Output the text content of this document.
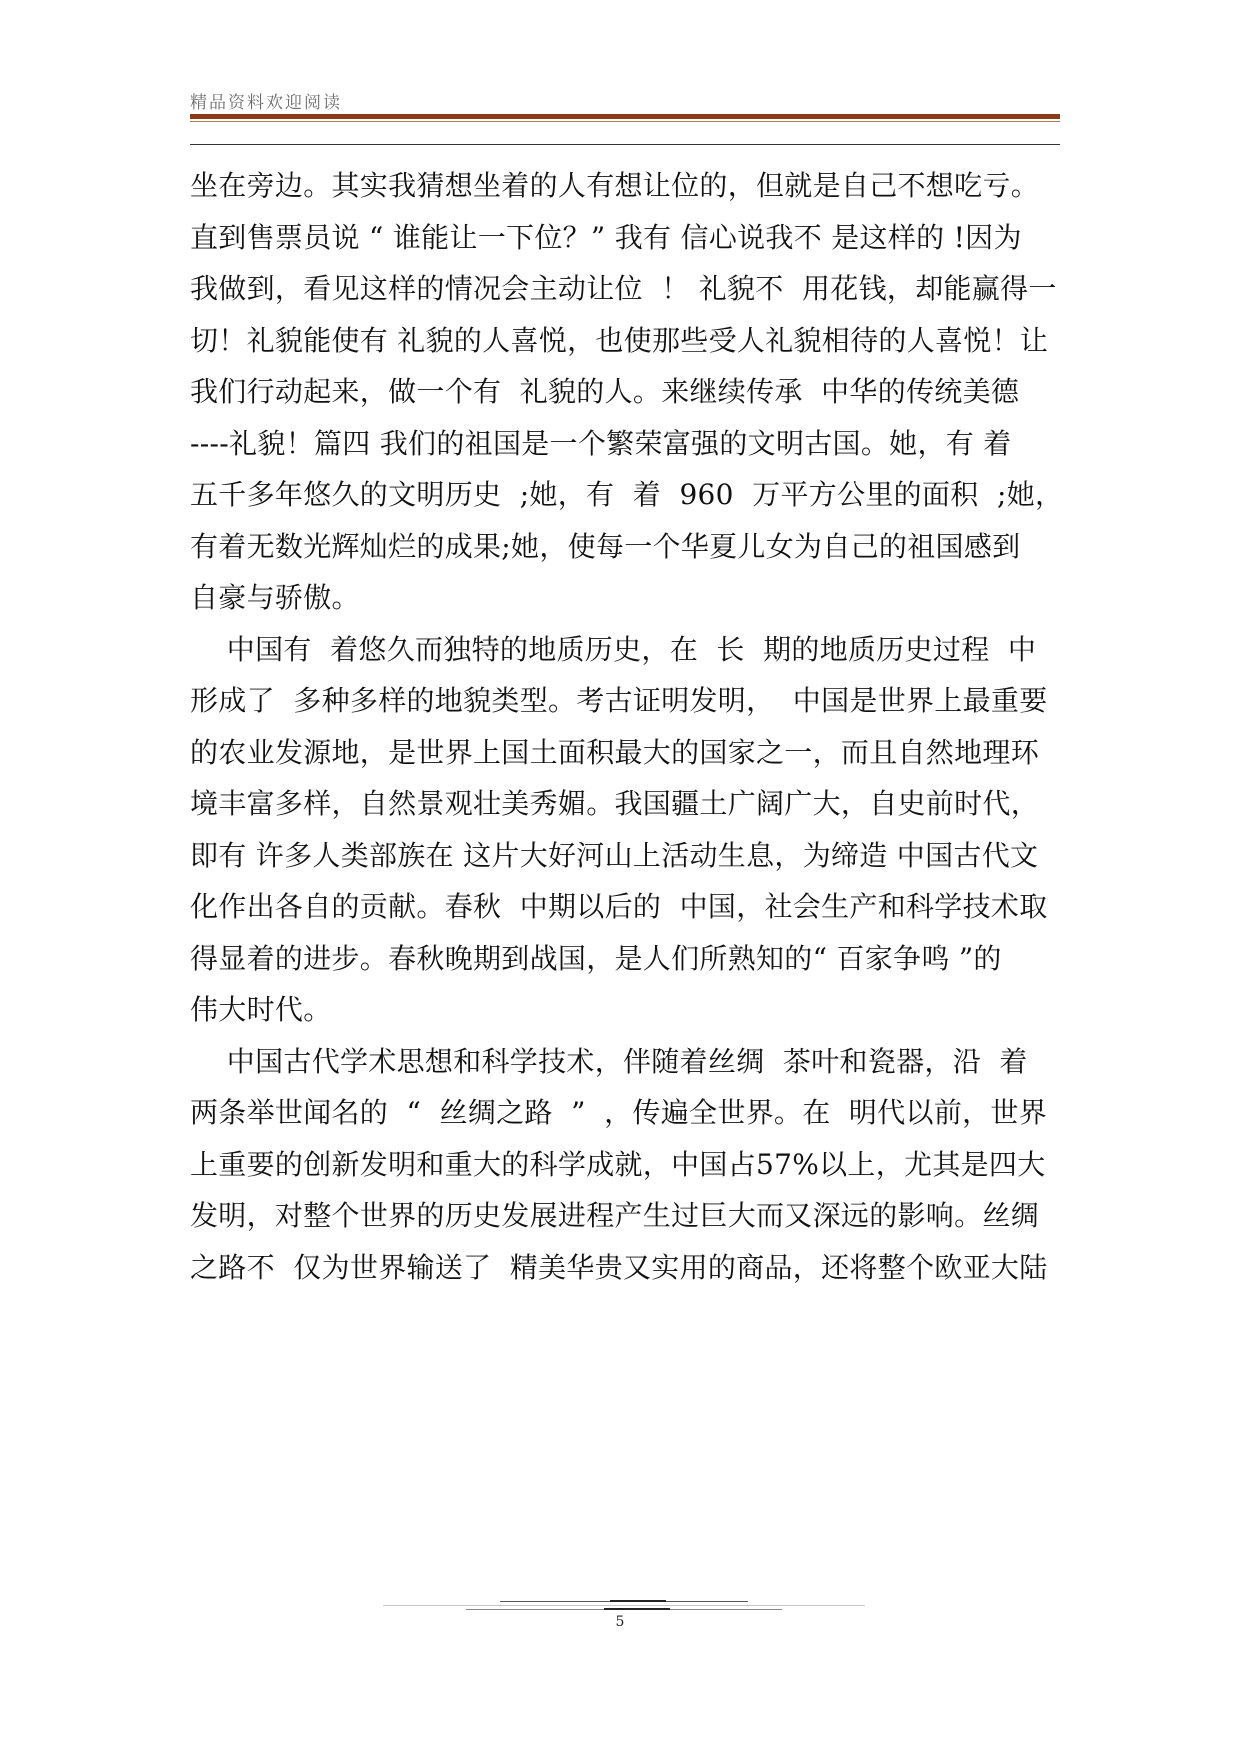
精品资料欢迎阅读
坐在旁边。其实我猜想坐着的人有想让位的，但就是自己不想吃亏。
直到售票员说 “ 谁能让一下位？” 我有 信心说我不 是这样的 !因为
我做到，看见这样的情况会主动让位  ！ 礼貌不  用花钱，却能赢得一
切！礼貌能使有 礼貌的人喜悦，也使那些受人礼貌相待的人喜悦！让
我们行动起来，做一个有  礼貌的人。来继续传承  中华的传统美德
----礼貌！篇四 我们的祖国是一个繁荣富强的文明古国。她，有 着
五千多年悠久的文明历史  ;她，有  着  960  万平方公里的面积  ;她，
有着无数光辉灿烂的成果;她，使每一个华夏儿女为自己的祖国感到
自豪与骄傲。
中国有  着悠久而独特的地质历史，在  长  期的地质历史过程  中
形成了  多种多样的地貌类型。考古证明发明，  中国是世界上最重要
的农业发源地，是世界上国土面积最大的国家之一，而且自然地理环
境丰富多样，自然景观壮美秀媚。我国疆土广阔广大，自史前时代，
即有 许多人类部族在 这片大好河山上活动生息，为缔造 中国古代文
化作出各自的贡献。春秋  中期以后的  中国，社会生产和科学技术取
得显着的进步。春秋晚期到战国，是人们所熟知的“ 百家争鸣 ”的
伟大时代。
中国古代学术思想和科学技术，伴随着丝绸  茶叶和瓷器，沿  着
两条举世闻名的  “  丝绸之路  ”  ，传遍全世界。在  明代以前，世界
上重要的创新发明和重大的科学成就，中国占57%以上，尤其是四大
发明，对整个世界的历史发展进程产生过巨大而又深远的影响。丝绸
之路不  仅为世界输送了  精美华贵又实用的商品，还将整个欧亚大陆
5
